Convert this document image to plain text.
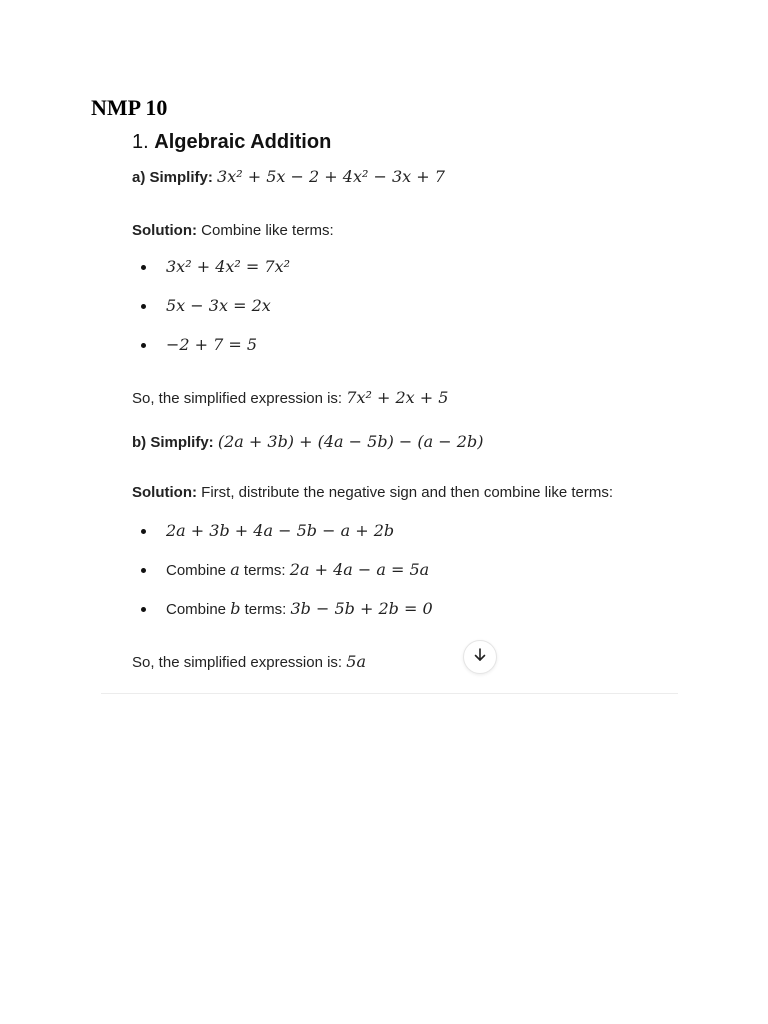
NMP 10
1. Algebraic Addition
a) Simplify: 3x² + 5x − 2 + 4x² − 3x + 7
Solution: Combine like terms:
3x² + 4x² = 7x²
5x − 3x = 2x
−2 + 7 = 5
So, the simplified expression is: 7x² + 2x + 5
b) Simplify: (2a + 3b) + (4a − 5b) − (a − 2b)
Solution: First, distribute the negative sign and then combine like terms:
2a + 3b + 4a − 5b − a + 2b
Combine a terms: 2a + 4a − a = 5a
Combine b terms: 3b − 5b + 2b = 0
So, the simplified expression is: 5a
